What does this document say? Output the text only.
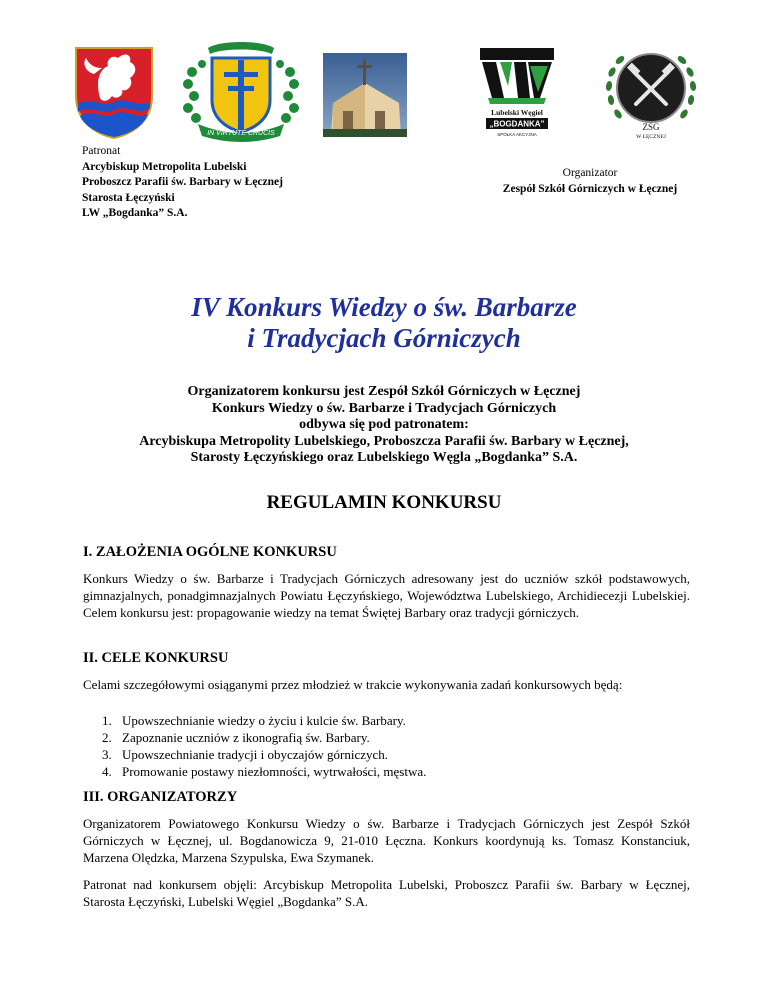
IN VIRTUTE CRUCIS
Lubelski Węgiel
„BOGDANKA”
SPÓŁKA AKCYJNA
ZSG
W ŁĘCZNEJ
Patronat
Arcybiskup Metropolita Lubelski
Proboszcz Parafii św. Barbary w Łęcznej
Starosta Łęczyński
LW „Bogdanka” S.A.
Organizator
Zespół Szkół Górniczych w Łęcznej
IV Konkurs Wiedzy o św. Barbarze
i Tradycjach Górniczych
Organizatorem konkursu jest Zespół Szkół Górniczych w Łęcznej
Konkurs Wiedzy o św. Barbarze i Tradycjach Górniczych
odbywa się pod patronatem:
Arcybiskupa Metropolity Lubelskiego, Proboszcza Parafii św. Barbary w Łęcznej,
Starosty Łęczyńskiego oraz Lubelskiego Węgla „Bogdanka” S.A.
REGULAMIN KONKURSU
I. ZAŁOŻENIA OGÓLNE KONKURSU
Konkurs Wiedzy o św. Barbarze i Tradycjach Górniczych adresowany jest do uczniów szkół podstawowych, gimnazjalnych, ponadgimnazjalnych Powiatu Łęczyńskiego, Województwa Lubelskiego, Archidiecezji Lubelskiej. Celem konkursu jest: propagowanie wiedzy na temat Świętej Barbary oraz tradycji górniczych.
II. CELE KONKURSU
Celami szczegółowymi osiąganymi przez młodzież w trakcie wykonywania zadań konkursowych będą:
1. Upowszechnianie wiedzy o życiu i kulcie św. Barbary.
2. Zapoznanie uczniów z ikonografią św. Barbary.
3. Upowszechnianie tradycji i obyczajów górniczych.
4. Promowanie postawy niezłomności, wytrwałości, męstwa.
III. ORGANIZATORZY
Organizatorem Powiatowego Konkursu Wiedzy o św. Barbarze i Tradycjach Górniczych jest Zespół Szkół Górniczych w Łęcznej, ul. Bogdanowicza 9, 21-010 Łęczna. Konkurs koordynują ks. Tomasz Konstanciuk, Marzena Olędzka, Marzena Szypulska, Ewa Szymanek.
Patronat nad konkursem objęli: Arcybiskup Metropolita Lubelski, Proboszcz Parafii św. Barbary w Łęcznej, Starosta Łęczyński, Lubelski Węgiel „Bogdanka” S.A.
